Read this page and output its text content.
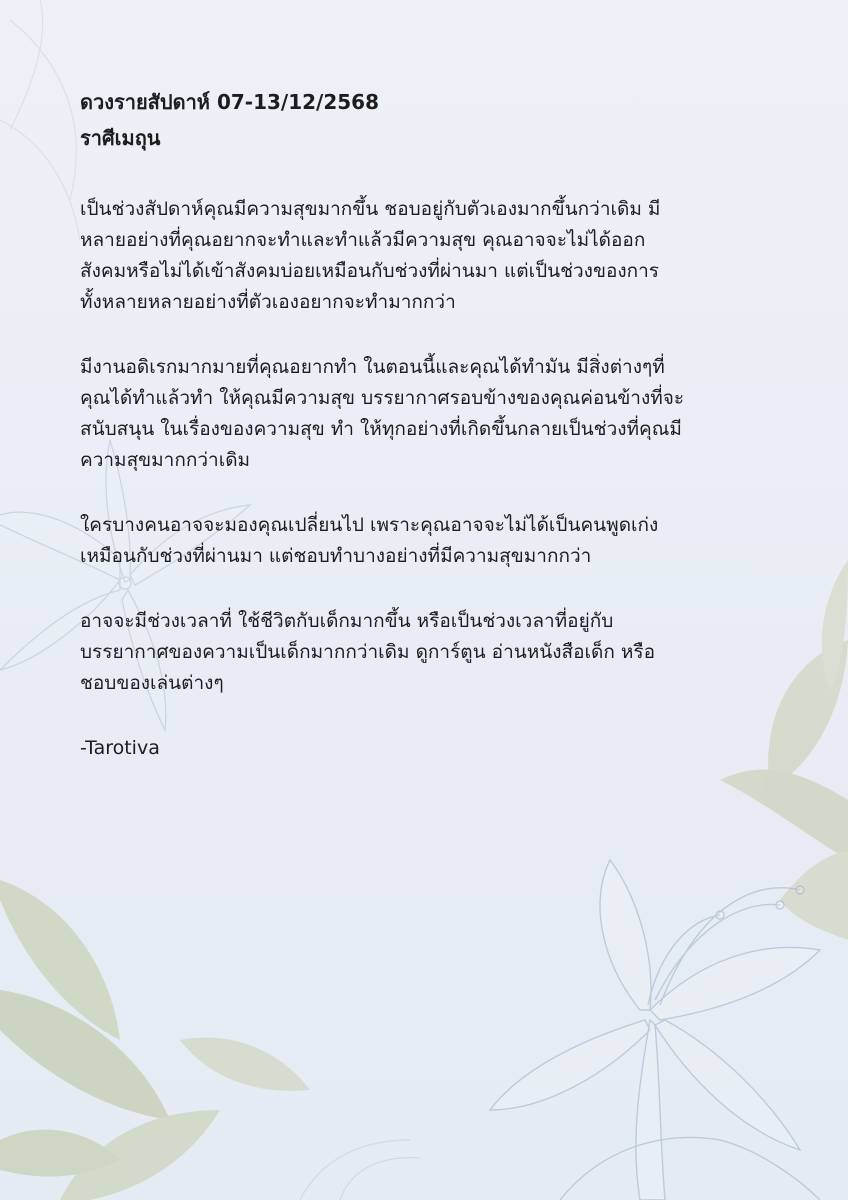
ดวงรายสัปดาห์ 07-13/12/2568
ราศีเมถุน
เป็นช่วงสัปดาห์คุณมีความสุขมากขึ้น ชอบอยู่กับตัวเองมากขึ้นกว่าเดิม มี
หลายอย่างที่คุณอยากจะทำและทำแล้วมีความสุข คุณอาจจะไม่ได้ออก
สังคมหรือไม่ได้เข้าสังคมบ่อยเหมือนกับช่วงที่ผ่านมา แต่เป็นช่วงของการ
ทั้งหลายหลายอย่างที่ตัวเองอยากจะทำมากกว่า
มีงานอดิเรกมากมายที่คุณอยากทำ ในตอนนี้และคุณได้ทำมัน มีสิ่งต่างๆที่
คุณได้ทำแล้วทำ ให้คุณมีความสุข บรรยากาศรอบข้างของคุณค่อนข้างที่จะ
สนับสนุน ในเรื่องของความสุข ทำ ให้ทุกอย่างที่เกิดขึ้นกลายเป็นช่วงที่คุณมี
ความสุขมากกว่าเดิม
ใครบางคนอาจจะมองคุณเปลี่ยนไป เพราะคุณอาจจะไม่ได้เป็นคนพูดเก่ง
เหมือนกับช่วงที่ผ่านมา แต่ชอบทำบางอย่างที่มีความสุขมากกว่า
อาจจะมีช่วงเวลาที่ ใช้ชีวิตกับเด็กมากขึ้น หรือเป็นช่วงเวลาที่อยู่กับ
บรรยากาศของความเป็นเด็กมากกว่าเดิม ดูการ์ตูน อ่านหนังสือเด็ก หรือ
ชอบของเล่นต่างๆ
-Tarotiva
